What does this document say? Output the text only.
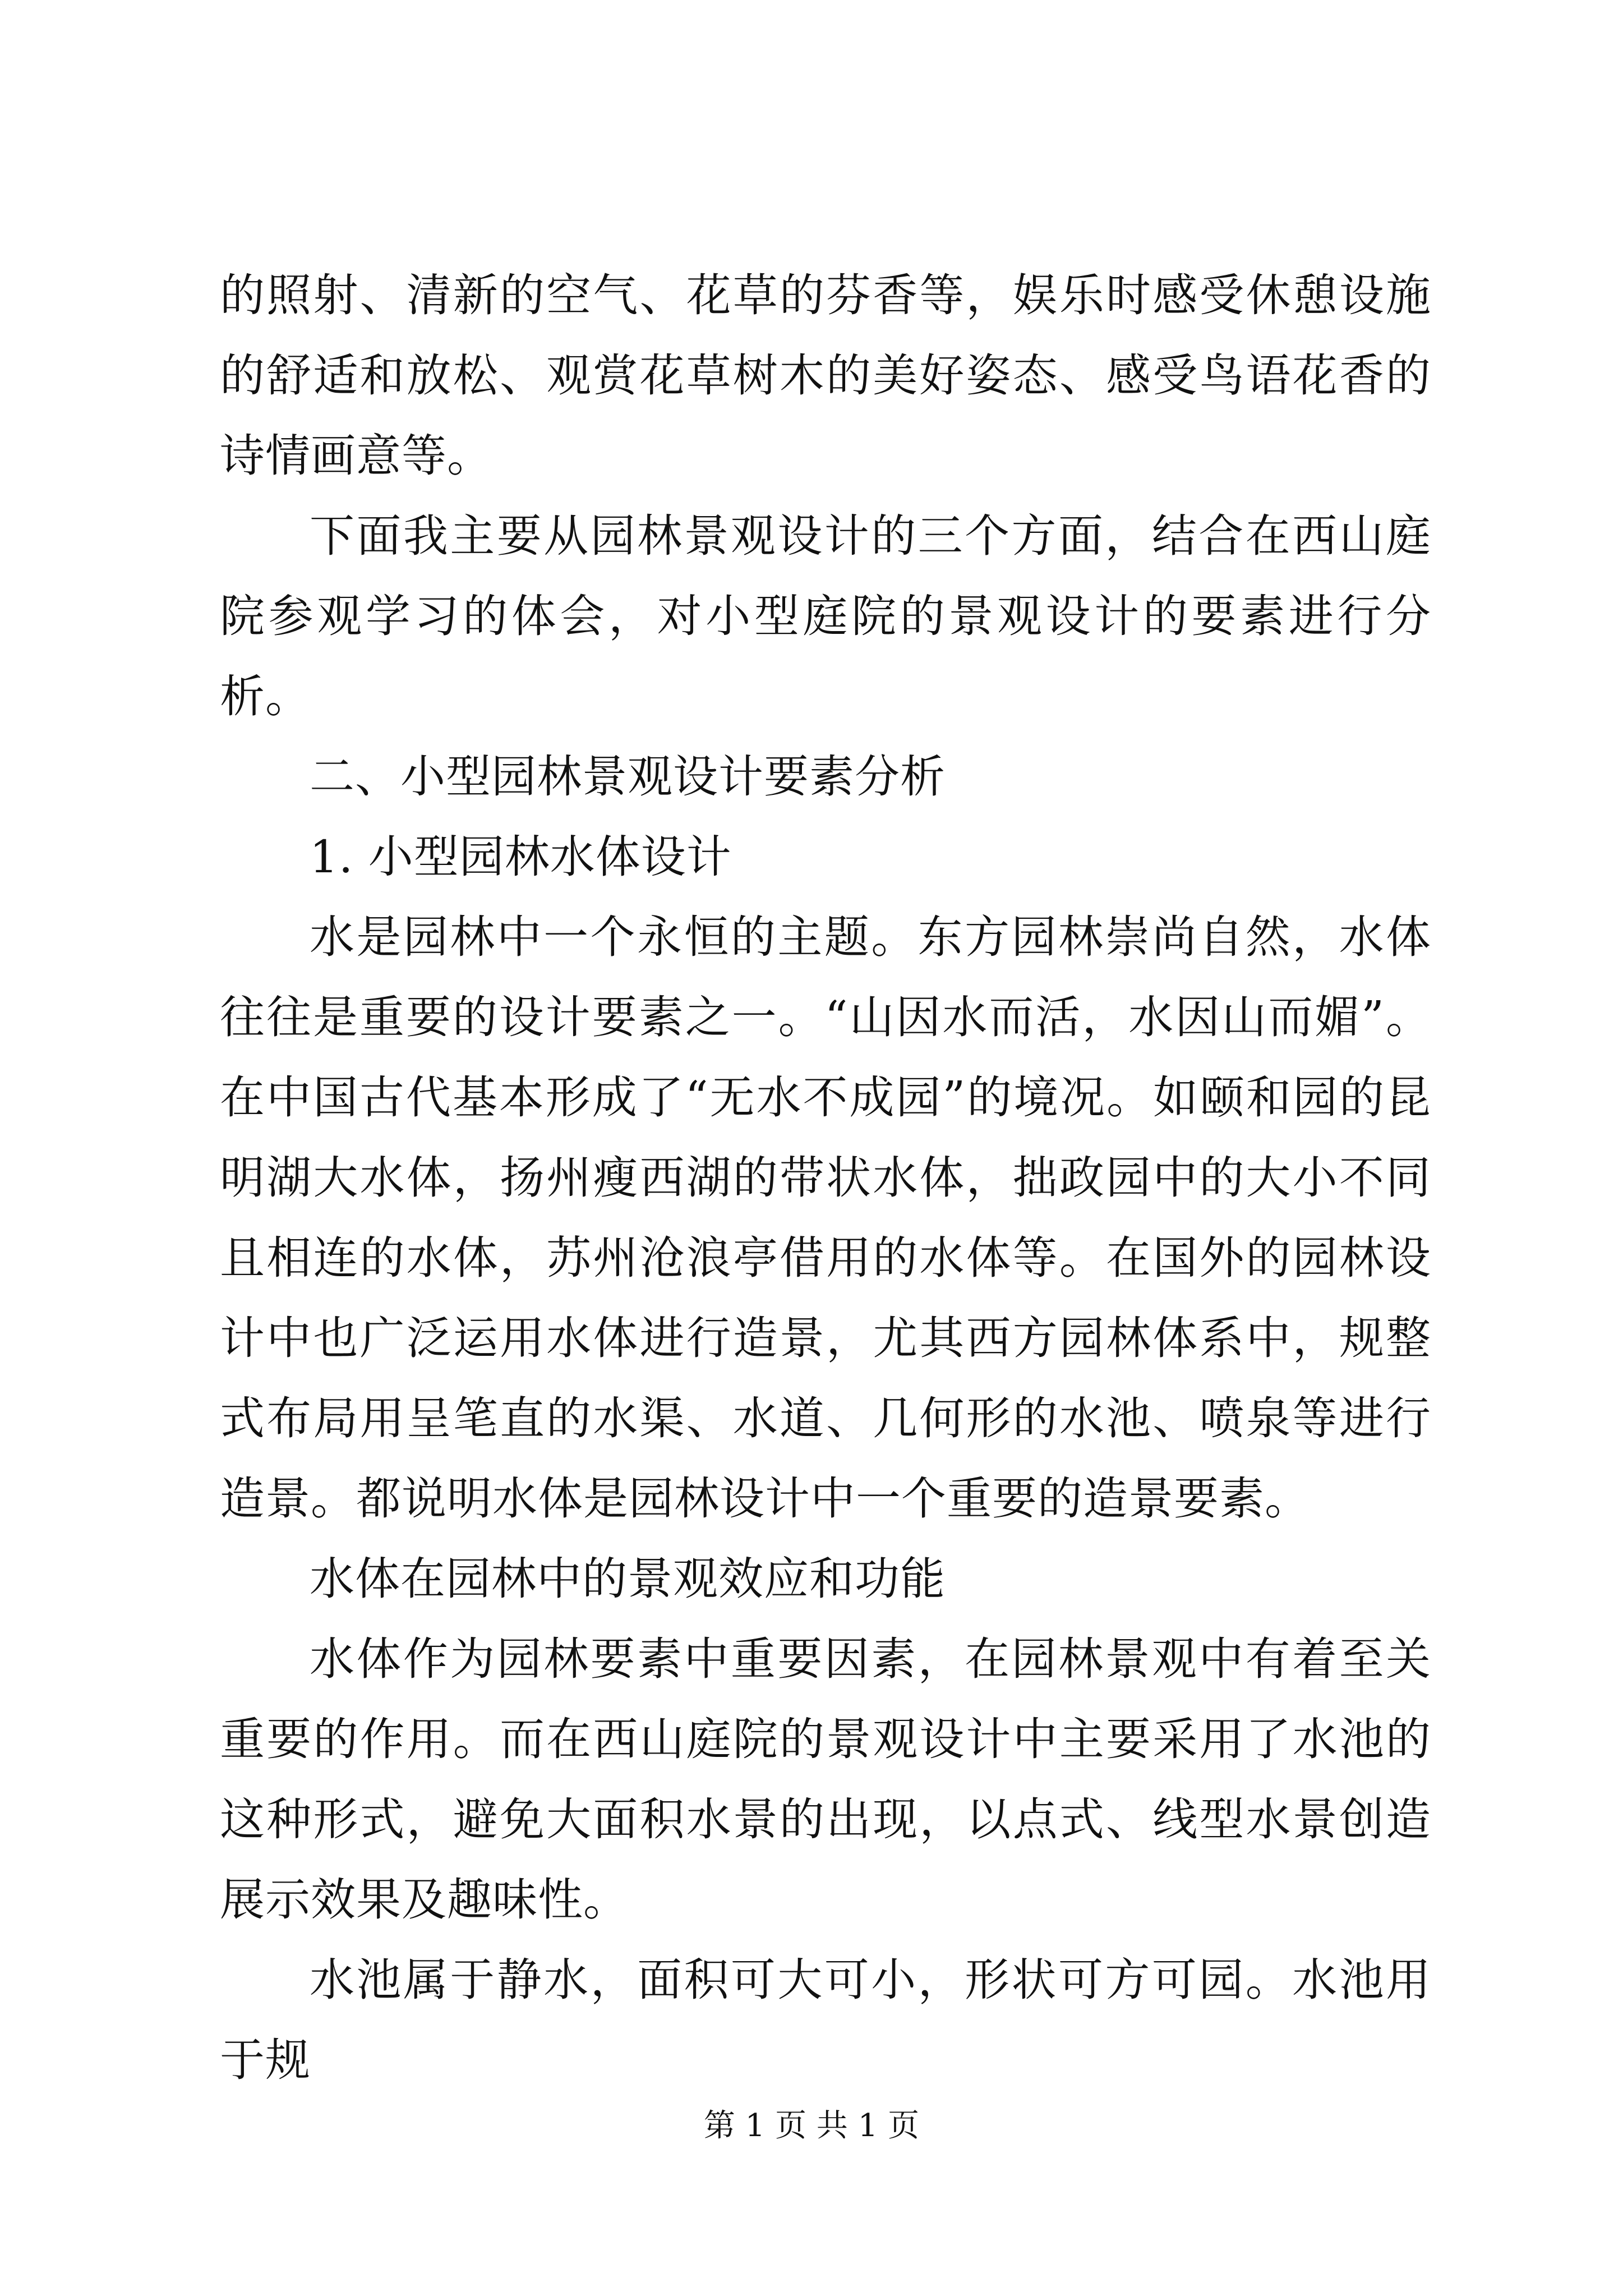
的照射、清新的空气、花草的芬香等，娱乐时感受休憩设施的舒适和放松、观赏花草树木的美好姿态、感受鸟语花香的诗情画意等。

下面我主要从园林景观设计的三个方面，结合在西山庭院参观学习的体会，对小型庭院的景观设计的要素进行分析。

二、小型园林景观设计要素分析

1. 小型园林水体设计

水是园林中一个永恒的主题。东方园林崇尚自然，水体往往是重要的设计要素之一。“山因水而活，水因山而媚”。在中国古代基本形成了“无水不成园”的境况。如颐和园的昆明湖大水体，扬州瘦西湖的带状水体，拙政园中的大小不同且相连的水体，苏州沧浪亭借用的水体等。在国外的园林设计中也广泛运用水体进行造景，尤其西方园林体系中，规整式布局用呈笔直的水渠、水道、几何形的水池、喷泉等进行造景。都说明水体是园林设计中一个重要的造景要素。

水体在园林中的景观效应和功能

水体作为园林要素中重要因素，在园林景观中有着至关重要的作用。而在西山庭院的景观设计中主要采用了水池的这种形式，避免大面积水景的出现，以点式、线型水景创造展示效果及趣味性。

水池属于静水，面积可大可小，形状可方可园。水池用于规

第 1 页 共 1 页
